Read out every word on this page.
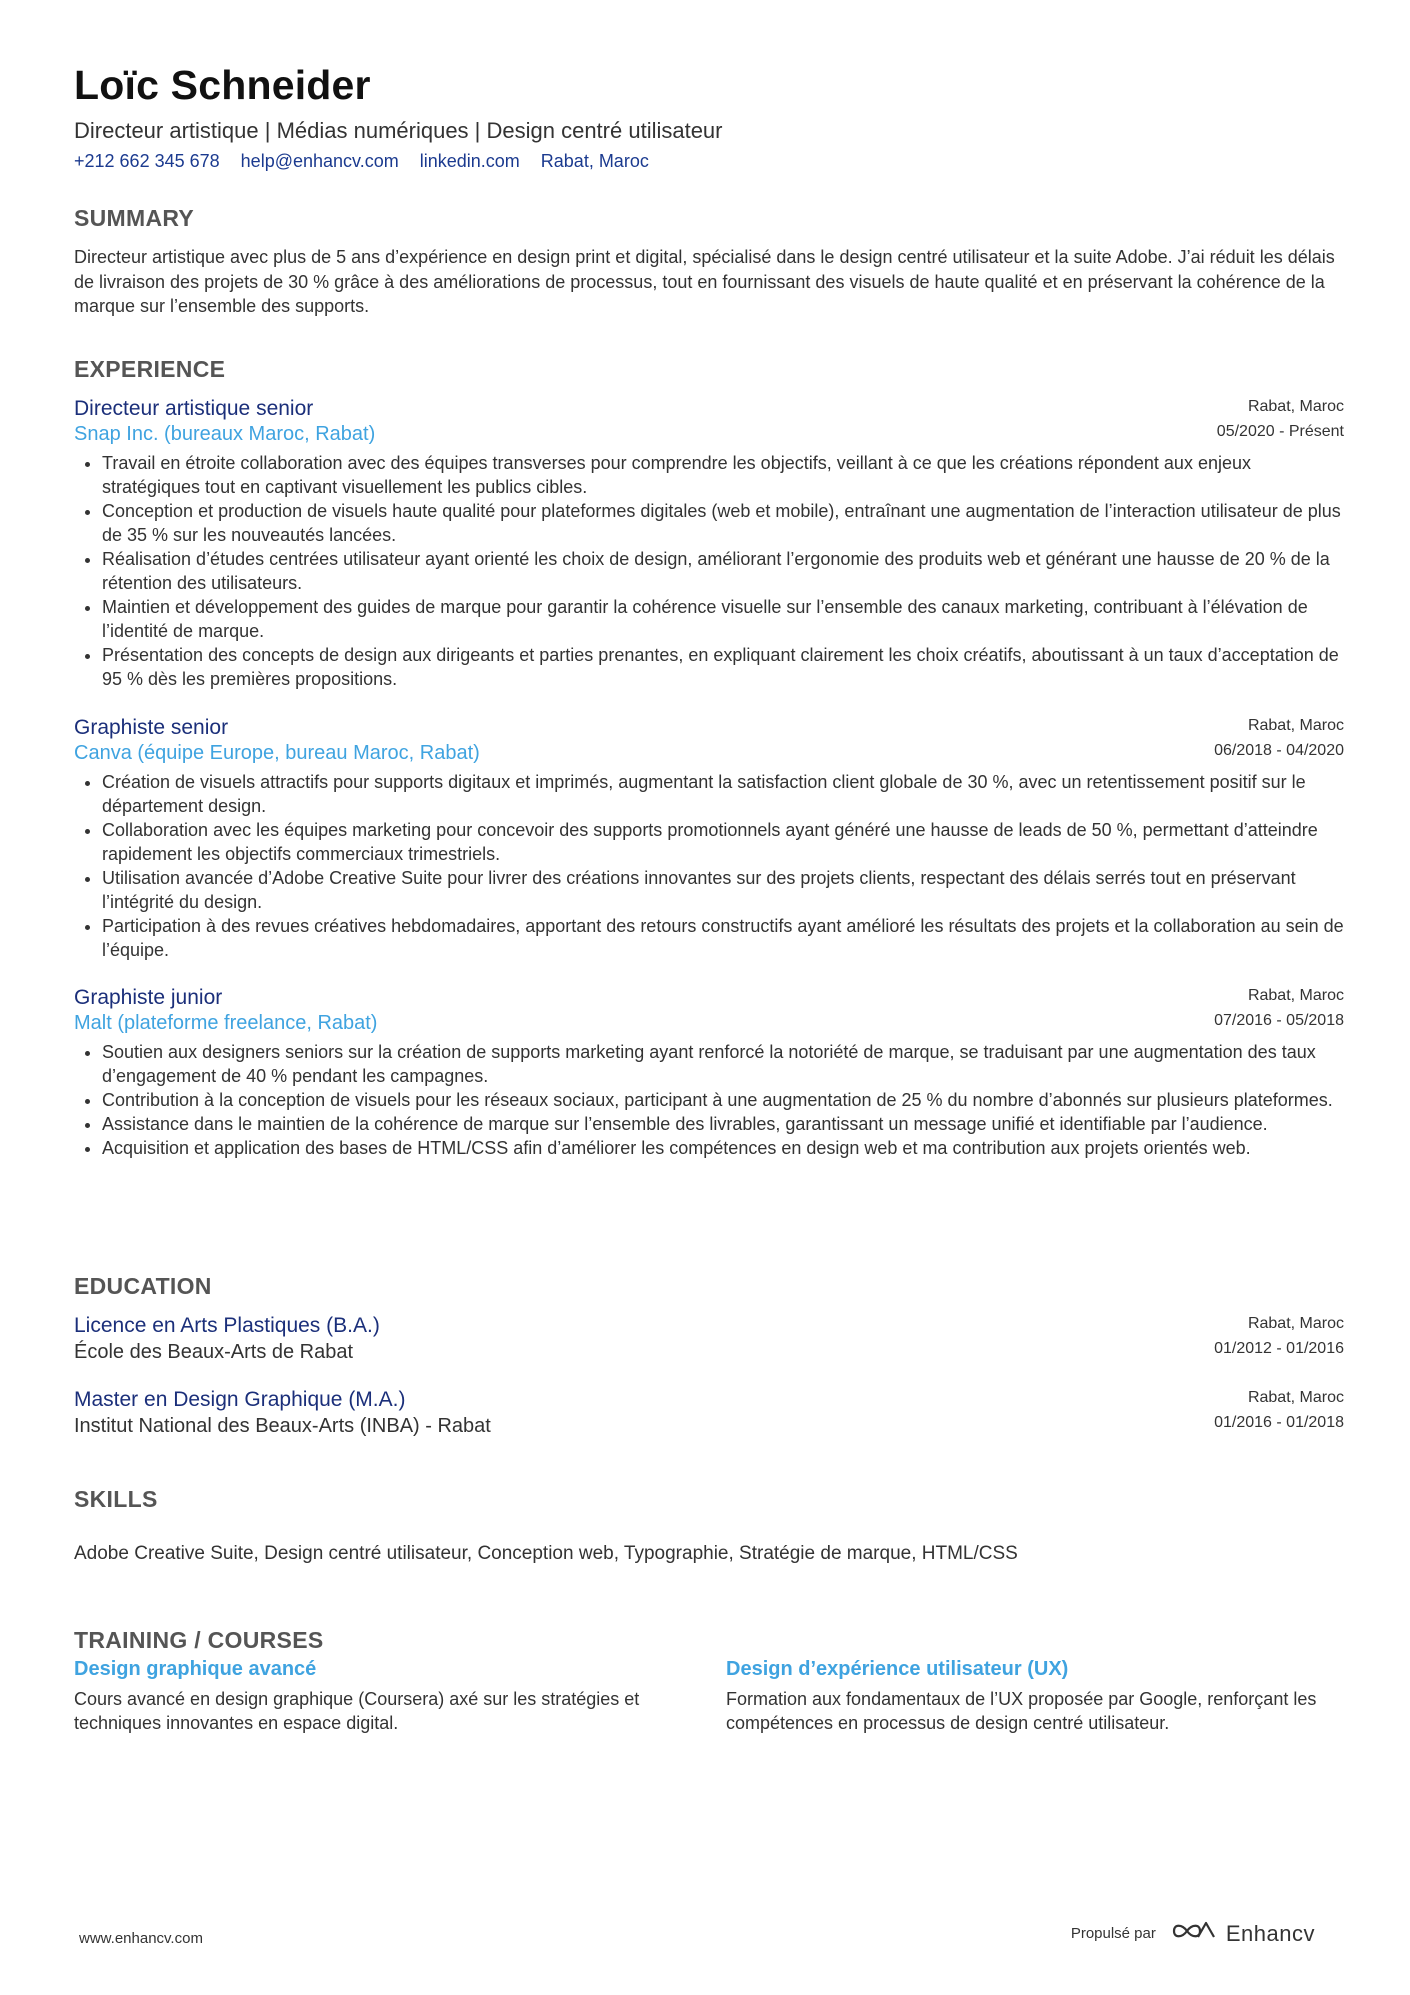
Loïc Schneider
Directeur artistique | Médias numériques | Design centré utilisateur
+212 662 345 678 help@enhancv.com linkedin.com Rabat, Maroc
SUMMARY
Directeur artistique avec plus de 5 ans d’expérience en design print et digital, spécialisé dans le design centré utilisateur et la suite Adobe. J’ai réduit les délais de livraison des projets de 30 % grâce à des améliorations de processus, tout en fournissant des visuels de haute qualité et en préservant la cohérence de la marque sur l’ensemble des supports.
EXPERIENCE
Directeur artistique senior
Snap Inc. (bureaux Maroc, Rabat)
Rabat, Maroc
05/2020 - Présent
• Travail en étroite collaboration avec des équipes transverses pour comprendre les objectifs, veillant à ce que les créations répondent aux enjeux stratégiques tout en captivant visuellement les publics cibles.
• Conception et production de visuels haute qualité pour plateformes digitales (web et mobile), entraînant une augmentation de l’interaction utilisateur de plus de 35 % sur les nouveautés lancées.
• Réalisation d’études centrées utilisateur ayant orienté les choix de design, améliorant l’ergonomie des produits web et générant une hausse de 20 % de la rétention des utilisateurs.
• Maintien et développement des guides de marque pour garantir la cohérence visuelle sur l’ensemble des canaux marketing, contribuant à l’élévation de l’identité de marque.
• Présentation des concepts de design aux dirigeants et parties prenantes, en expliquant clairement les choix créatifs, aboutissant à un taux d’acceptation de 95 % dès les premières propositions.
Graphiste senior
Canva (équipe Europe, bureau Maroc, Rabat)
Rabat, Maroc
06/2018 - 04/2020
• Création de visuels attractifs pour supports digitaux et imprimés, augmentant la satisfaction client globale de 30 %, avec un retentissement positif sur le département design.
• Collaboration avec les équipes marketing pour concevoir des supports promotionnels ayant généré une hausse de leads de 50 %, permettant d’atteindre rapidement les objectifs commerciaux trimestriels.
• Utilisation avancée d’Adobe Creative Suite pour livrer des créations innovantes sur des projets clients, respectant des délais serrés tout en préservant l’intégrité du design.
• Participation à des revues créatives hebdomadaires, apportant des retours constructifs ayant amélioré les résultats des projets et la collaboration au sein de l’équipe.
Graphiste junior
Malt (plateforme freelance, Rabat)
Rabat, Maroc
07/2016 - 05/2018
• Soutien aux designers seniors sur la création de supports marketing ayant renforcé la notoriété de marque, se traduisant par une augmentation des taux d’engagement de 40 % pendant les campagnes.
• Contribution à la conception de visuels pour les réseaux sociaux, participant à une augmentation de 25 % du nombre d’abonnés sur plusieurs plateformes.
• Assistance dans le maintien de la cohérence de marque sur l’ensemble des livrables, garantissant un message unifié et identifiable par l’audience.
• Acquisition et application des bases de HTML/CSS afin d’améliorer les compétences en design web et ma contribution aux projets orientés web.
EDUCATION
Licence en Arts Plastiques (B.A.)
École des Beaux-Arts de Rabat
Rabat, Maroc
01/2012 - 01/2016
Master en Design Graphique (M.A.)
Institut National des Beaux-Arts (INBA) - Rabat
Rabat, Maroc
01/2016 - 01/2018
SKILLS
Adobe Creative Suite, Design centré utilisateur, Conception web, Typographie, Stratégie de marque, HTML/CSS
TRAINING / COURSES
Design graphique avancé
Cours avancé en design graphique (Coursera) axé sur les stratégies et techniques innovantes en espace digital.
Design d’expérience utilisateur (UX)
Formation aux fondamentaux de l’UX proposée par Google, renforçant les compétences en processus de design centré utilisateur.
www.enhancv.com	Propulsé par	Enhancv
